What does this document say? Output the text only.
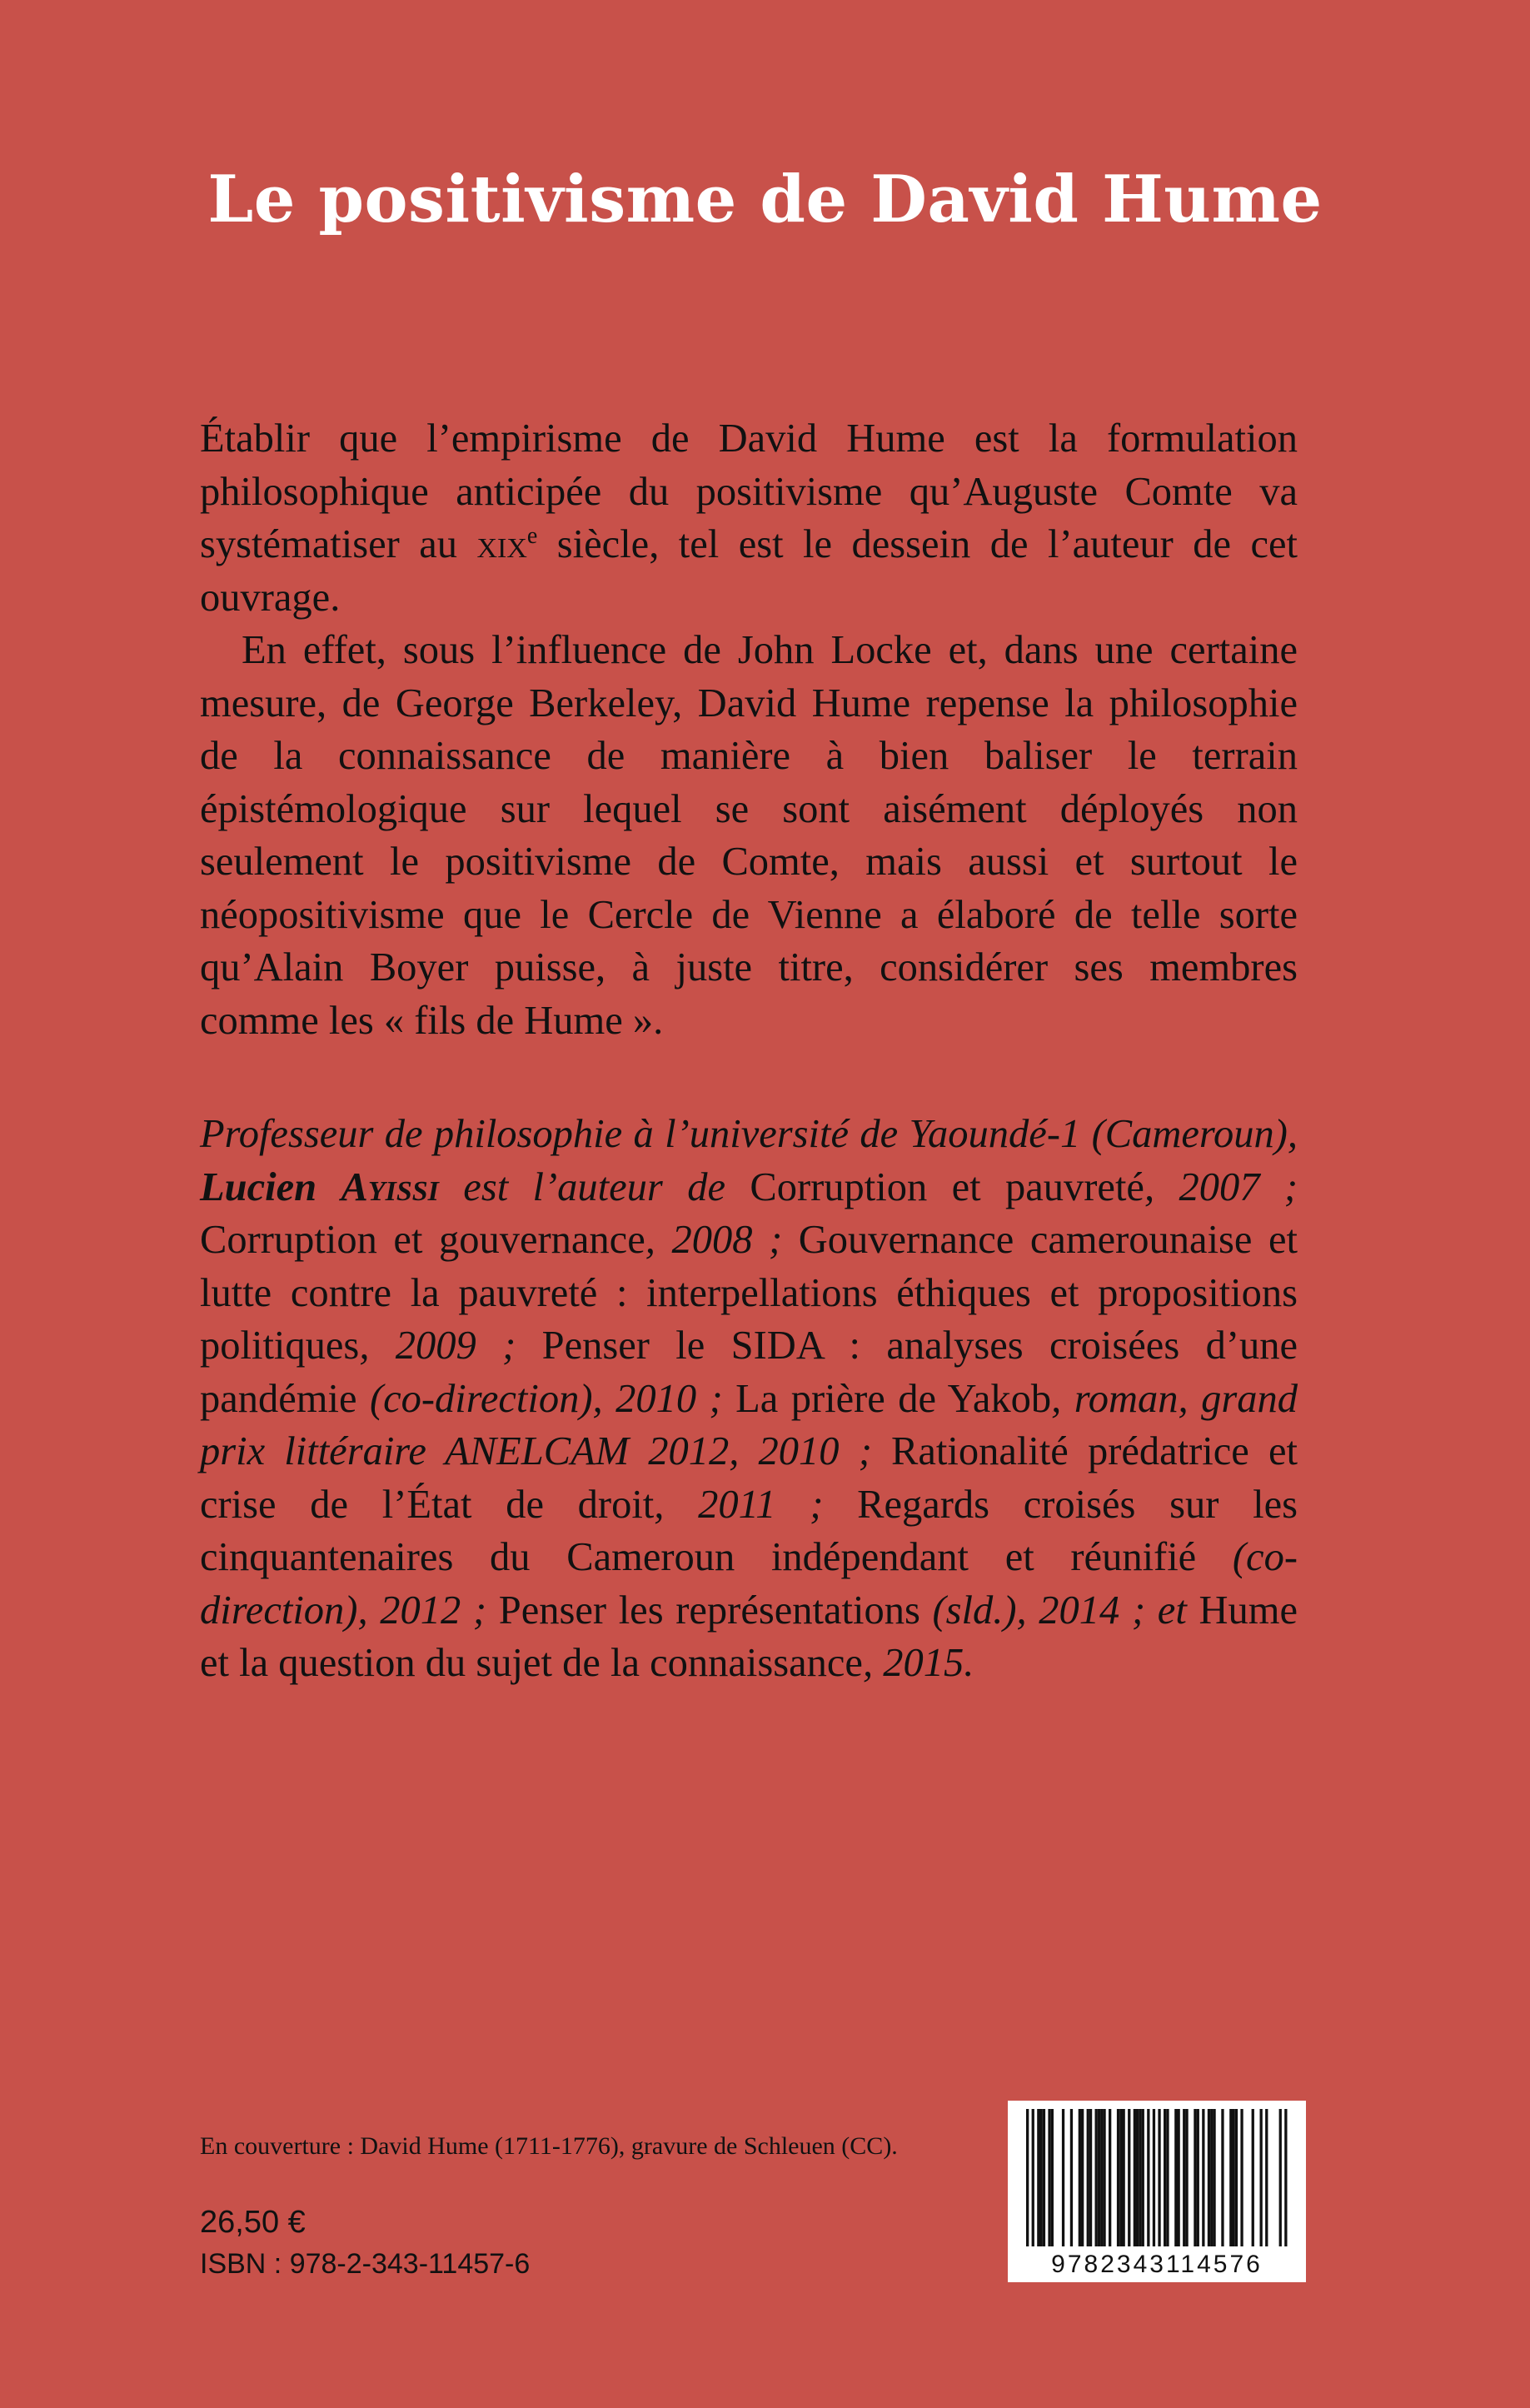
Le positivisme de David Hume

Établir que l’empirisme de David Hume est la formulation philosophique anticipée du positivisme qu’Auguste Comte va systématiser au xix$^e$ siècle, tel est le dessein de l’auteur de cet ouvrage.

En effet, sous l’influence de John Locke et, dans une certaine mesure, de George Berkeley, David Hume repense la philosophie de la connaissance de manière à bien baliser le terrain épistémologique sur lequel se sont aisément déployés non seulement le positivisme de Comte, mais aussi et surtout le néopositivisme que le Cercle de Vienne a élaboré de telle sorte qu’Alain Boyer puisse, à juste titre, considérer ses membres comme les « fils de Hume ».

Professeur de philosophie à l’université de Yaoundé-1 (Cameroun), Lucien Ayissi est l’auteur de Corruption et pauvreté, 2007 ; Corruption et gouvernance, 2008 ; Gouvernance camerounaise et lutte contre la pauvreté : interpellations éthiques et propositions politiques, 2009 ; Penser le SIDA : analyses croisées d’une pandémie (co-direction), 2010 ; La prière de Yakob, roman, grand prix littéraire ANELCAM 2012, 2010 ; Rationalité prédatrice et crise de l’État de droit, 2011 ; Regards croisés sur les cinquantenaires du Cameroun indépendant et réunifié (co-direction), 2012 ; Penser les représentations (sld.), 2014 ; et Hume et la question du sujet de la connaissance, 2015.

En couverture : David Hume (1711-1776), gravure de Schleuen (CC).

26,50 €

ISBN : 978-2-343-11457-6	9782343114576
